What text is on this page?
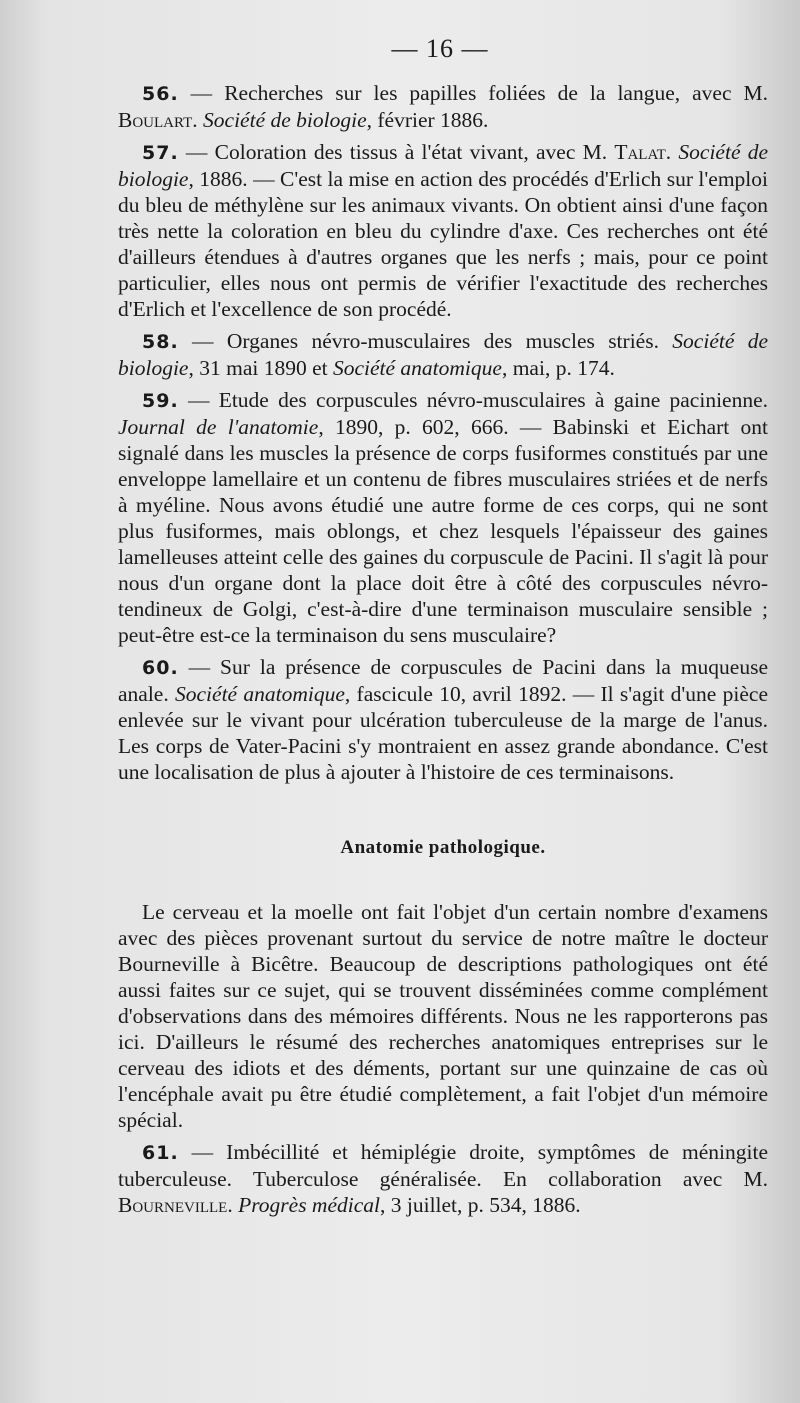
— 16 —

56. — Recherches sur les papilles foliées de la langue, avec M. Boulart. Société de biologie, février 1886.

57. — Coloration des tissus à l'état vivant, avec M. Talat. Société de biologie, 1886. — C'est la mise en action des procédés d'Erlich sur l'emploi du bleu de méthylène sur les animaux vivants. On obtient ainsi d'une façon très nette la coloration en bleu du cylindre d'axe. Ces recherches ont été d'ailleurs étendues à d'autres organes que les nerfs ; mais, pour ce point particulier, elles nous ont permis de vérifier l'exactitude des recherches d'Erlich et l'excellence de son procédé.

58. — Organes névro-musculaires des muscles striés. Société de biologie, 31 mai 1890 et Société anatomique, mai, p. 174.

59. — Etude des corpuscules névro-musculaires à gaine pacinienne. Journal de l'anatomie, 1890, p. 602, 666. — Babinski et Eichart ont signalé dans les muscles la présence de corps fusiformes constitués par une enveloppe lamellaire et un contenu de fibres musculaires striées et de nerfs à myéline. Nous avons étudié une autre forme de ces corps, qui ne sont plus fusiformes, mais oblongs, et chez lesquels l'épaisseur des gaines lamelleuses atteint celle des gaines du corpuscule de Pacini. Il s'agit là pour nous d'un organe dont la place doit être à côté des corpuscules névro-tendineux de Golgi, c'est-à-dire d'une terminaison musculaire sensible ; peut-être est-ce la terminaison du sens musculaire?

60. — Sur la présence de corpuscules de Pacini dans la muqueuse anale. Société anatomique, fascicule 10, avril 1892. — Il s'agit d'une pièce enlevée sur le vivant pour ulcération tuberculeuse de la marge de l'anus. Les corps de Vater-Pacini s'y montraient en assez grande abondance. C'est une localisation de plus à ajouter à l'histoire de ces terminaisons.

Anatomie pathologique.

Le cerveau et la moelle ont fait l'objet d'un certain nombre d'examens avec des pièces provenant surtout du service de notre maître le docteur Bourneville à Bicêtre. Beaucoup de descriptions pathologiques ont été aussi faites sur ce sujet, qui se trouvent disséminées comme complément d'observations dans des mémoires différents. Nous ne les rapporterons pas ici. D'ailleurs le résumé des recherches anatomiques entreprises sur le cerveau des idiots et des déments, portant sur une quinzaine de cas où l'encéphale avait pu être étudié complètement, a fait l'objet d'un mémoire spécial.

61. — Imbécillité et hémiplégie droite, symptômes de méningite tuberculeuse. Tuberculose généralisée. En collaboration avec M. Bourneville. Progrès médical, 3 juillet, p. 534, 1886.
